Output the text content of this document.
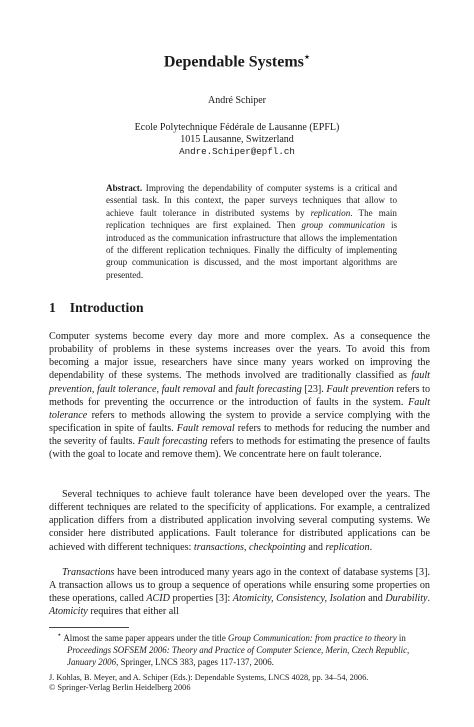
Dependable Systems⋆
André Schiper
Ecole Polytechnique Fédérale de Lausanne (EPFL)
1015 Lausanne, Switzerland
Andre.Schiper@epfl.ch
Abstract. Improving the dependability of computer systems is a critical and essential task. In this context, the paper surveys techniques that allow to achieve fault tolerance in distributed systems by replication. The main replication techniques are first explained. Then group communication is introduced as the communication infrastructure that allows the implementation of the different replication techniques. Finally the difficulty of implementing group communication is discussed, and the most important algorithms are presented.
1 Introduction
Computer systems become every day more and more complex. As a consequence the probability of problems in these systems increases over the years. To avoid this from becoming a major issue, researchers have since many years worked on improving the dependability of these systems. The methods involved are traditionally classified as fault prevention, fault tolerance, fault removal and fault forecasting [23]. Fault prevention refers to methods for preventing the occurrence or the introduction of faults in the system. Fault tolerance refers to methods allowing the system to provide a service complying with the specification in spite of faults. Fault removal refers to methods for reducing the number and the severity of faults. Fault forecasting refers to methods for estimating the presence of faults (with the goal to locate and remove them). We concentrate here on fault tolerance.
Several techniques to achieve fault tolerance have been developed over the years. The different techniques are related to the specificity of applications. For example, a centralized application differs from a distributed application involving several computing systems. We consider here distributed applications. Fault tolerance for distributed applications can be achieved with different techniques: transactions, checkpointing and replication.
Transactions have been introduced many years ago in the context of database systems [3]. A transaction allows us to group a sequence of operations while ensuring some properties on these operations, called ACID properties [3]: Atomicity, Consistency, Isolation and Durability. Atomicity requires that either all
⋆ Almost the same paper appears under the title Group Communication: from practice to theory in Proceedings SOFSEM 2006: Theory and Practice of Computer Science, Merin, Czech Republic, January 2006, Springer, LNCS 383, pages 117-137, 2006.
J. Kohlas, B. Meyer, and A. Schiper (Eds.): Dependable Systems, LNCS 4028, pp. 34–54, 2006.
© Springer-Verlag Berlin Heidelberg 2006
